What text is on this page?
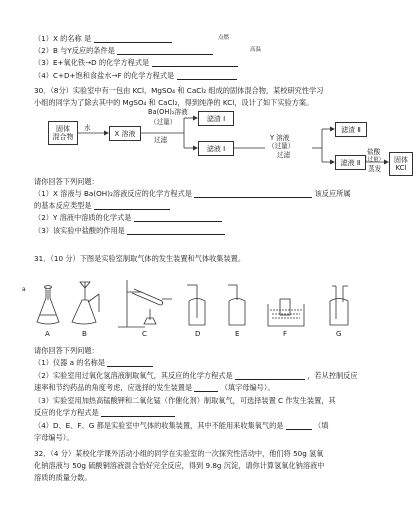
（1）X 的名称 是	点燃
（2）B 与Y反应的条件是	高温
（3）E+氧化铁→D 的化学方程式是
（4）C+D+饱和食盐水→F 的化学方程式是
30．（8分）实验室中有一包由 KCl、MgSO₄ 和 CaCl₂ 组成的固体混合物，某校研究性学习
小组的同学为了除去其中的 MgSO₄ 和 CaCl₂，得到纯净的 KCl，设计了如下实验方案。
固体
混合物
水
X 溶液
Ba(OH)₂溶液
（过量）
过滤
滤渣 Ⅰ
滤液 Ⅰ
Y 溶液
（过量）
过滤
滤渣 Ⅱ
滤液 Ⅱ
盐酸
（过量）
蒸发
固体
KCl
请你回答下列问题：
（1）X 溶液与 Ba(OH)₂溶液反应的化学方程式是	该反应所属
的基本反应类型是
（2）Y 溶液中溶质的化学式是
（3）该实验中盐酸的作用是
31．（10 分）下图是实验室制取气体的发生装置和气体收集装置。
A	B	C	D	E	F	G
a
请你回答下列问题：
（1）仪器 a 的名称是
（2）实验室用过氧化氢溶液制取氧气，其反应的化学方程式是	，若从控制反应
速率和节约药品的角度考虑，应选择的发生装置是	（填字母编号）。
（3）实验室用加热高锰酸钾和二氧化锰（作催化剂）制取氧气，可选择装置 C 作发生装置，其
反应的化学方程式是
（4）D、E、F、G 都是实验室中气体的收集装置，其中不能用来收集氧气的是	（填
字母编号）。
32．（4 分）某校化学课外活动小组的同学在实验室的一次探究性活动中，他们将 50g 氢氧
化钠溶液与 50g 硫酸铜溶液混合恰好完全反应，得到 9.8g 沉淀，请你计算氢氧化钠溶液中
溶质的质量分数。
